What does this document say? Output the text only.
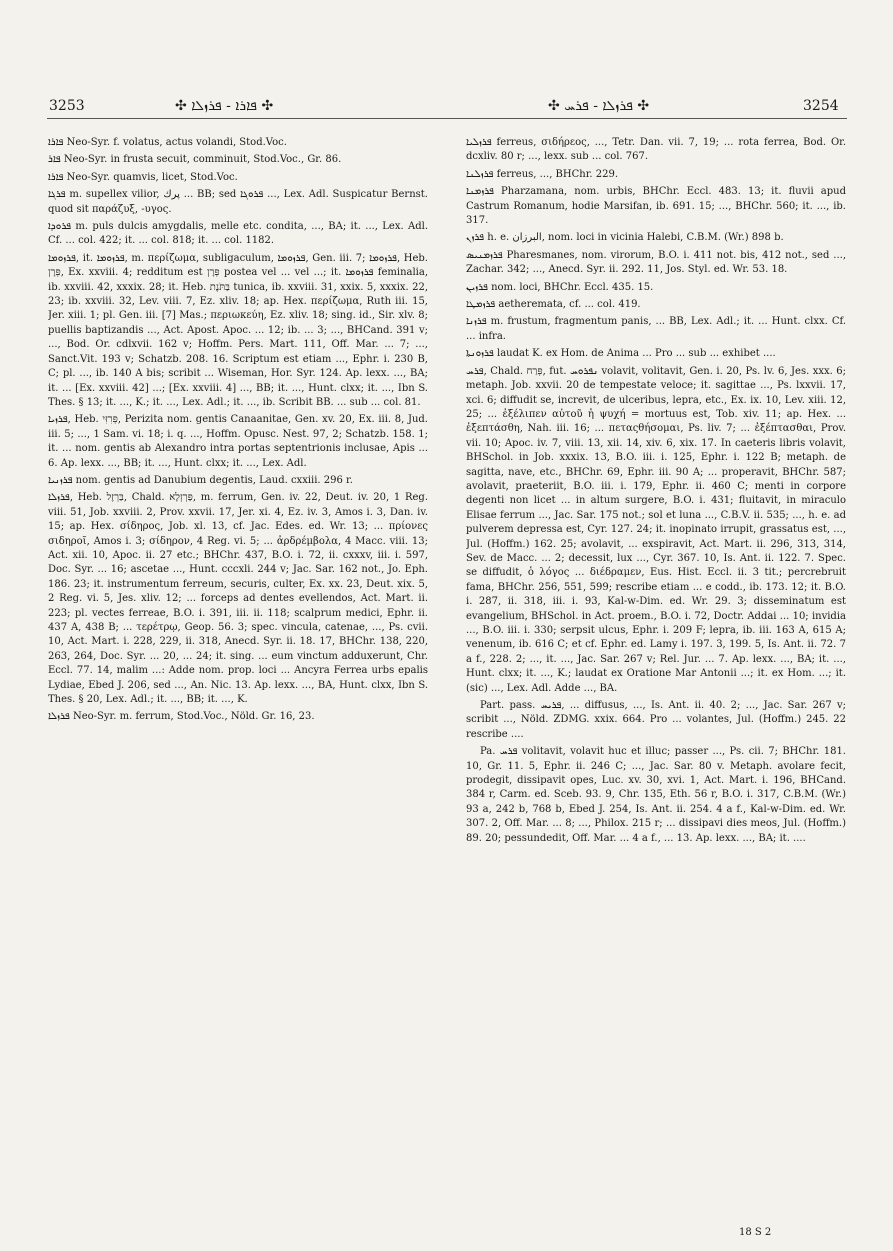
3253	✣ ܦܐܪܐ - ܦܪܙܠܐ ✣	✣ ܦܪܙܠܐ - ܦܪܚ ✣	3254

ܦܐܪܐ Neo-Syr. f. volatus, actus volandi, Stod.Voc.

ܦܐܪ Neo-Syr. in frusta secuit, comminuit, Stod.Voc., Gr. 86.

ܦܐܪܐ Neo-Syr. quamvis, licet, Stod.Voc.

ܦܪܓܐ m. supellex vilior, پرك ... BB; sed ܦܪܘܓܐ ..., Lex. Adl. Suspicatur Bernst. quod sit παράζυξ, -υγος.

ܦܪܘܕܐ m. puls dulcis amygdalis, melle etc. condita, ..., BA; it. ..., Lex. Adl. Cf. ... col. 422; it. ... col. 818; it. ... col. 1182.

ܦܪܙܘܡܐ, it. ܦܪܙܘܡܐ, m. περίζωμα, subligaculum, ܦܪܙܘܡܐ, Gen. iii. 7; ܦܪܙܘܡܐ, Heb. פְּרָן, Ex. xxviii. 4; redditum est פְּרָן postea vel ... vel ...; it. ܦܪܙܘܡܐ feminalia, ib. xxviii. 42, xxxix. 28; it. Heb. בַּתֹּנֶת tunica, ib. xxviii. 31, xxix. 5, xxxix. 22, 23; ib. xxviii. 32, Lev. viii. 7, Ez. xliv. 18; ap. Hex. περίζωμα, Ruth iii. 15, Jer. xiii. 1; pl. Gen. iii. [7] Mas.; περιωκεύη, Ez. xliv. 18; sing. id., Sir. xlv. 8; puellis baptizandis ..., Act. Apost. Apoc. ... 12; ib. ... 3; ..., BHCand. 391 v; ..., Bod. Or. cdlxvii. 162 v; Hoffm. Pers. Mart. 111, Off. Mar. ... 7; ..., Sanct.Vit. 193 v; Schatzb. 208. 16. Scriptum est etiam ..., Ephr. i. 230 B, C; pl. ..., ib. 140 A bis; scribit ... Wiseman, Hor. Syr. 124. Ap. lexx. ..., BA; it. ... [Ex. xxviii. 42] ...; [Ex. xxviii. 4] ..., BB; it. ..., Hunt. clxx; it. ..., Ibn S. Thes. § 13; it. ..., K.; it. ..., Lex. Adl.; it. ..., ib. Scribit BB. ... sub ... col. 81.

ܦܪܙܝܐ, Heb. פְּרִזִּי, Perizita nom. gentis Canaanitae, Gen. xv. 20, Ex. iii. 8, Jud. iii. 5; ..., 1 Sam. vi. 18; i. q. ..., Hoffm. Opusc. Nest. 97, 2; Schatzb. 158. 1; it. ... nom. gentis ab Alexandro intra portas septentrionis inclusae, Apis ... 6. Ap. lexx. ..., BB; it. ..., Hunt. clxx; it. ..., Lex. Adl.

ܦܪܙܢܝܐ nom. gentis ad Danubium degentis, Laud. cxxiii. 296 r.

ܦܪܙܠܐ, Heb. בַּרְזֶל, Chald. פַּרְזְלָא, m. ferrum, Gen. iv. 22, Deut. iv. 20, 1 Reg. viii. 51, Job. xxviii. 2, Prov. xxvii. 17, Jer. xi. 4, Ez. iv. 3, Amos i. 3, Dan. iv. 15; ap. Hex. σίδηρος, Job. xl. 13, cf. Jac. Edes. ed. Wr. 13; ... πρίονες σιδηροῖ, Amos i. 3; σίδηρον, 4 Reg. vi. 5; ... ἀρδρέμβολα, 4 Macc. viii. 13; Act. xii. 10, Apoc. ii. 27 etc.; BHChr. 437, B.O. i. 72, ii. cxxxv, iii. i. 597, Doc. Syr. ... 16; ascetae ..., Hunt. cccxli. 244 v; Jac. Sar. 162 not., Jo. Eph. 186. 23; it. instrumentum ferreum, securis, culter, Ex. xx. 23, Deut. xix. 5, 2 Reg. vi. 5, Jes. xliv. 12; ... forceps ad dentes evellendos, Act. Mart. ii. 223; pl. vectes ferreae, B.O. i. 391, iii. ii. 118; scalprum medici, Ephr. ii. 437 A, 438 B; ... τερέτρῳ, Geop. 56. 3; spec. vincula, catenae, ..., Ps. cvii. 10, Act. Mart. i. 228, 229, ii. 318, Anecd. Syr. ii. 18. 17, BHChr. 138, 220, 263, 264, Doc. Syr. ... 20, ... 24; it. sing. ... eum vinctum adduxerunt, Chr. Eccl. 77. 14, malim ...: Adde nom. prop. loci ... Ancyra Ferrea urbs epalis Lydiae, Ebed J. 206, sed ..., An. Nic. 13. Ap. lexx. ..., BA, Hunt. clxx, Ibn S. Thes. § 20, Lex. Adl.; it. ..., BB; it. ..., K.

ܦܪܙܠܐ Neo-Syr. m. ferrum, Stod.Voc., Nöld. Gr. 16, 23.

ܦܪܙܠܝܐ ferreus, σιδήρεος, ..., Tetr. Dan. vii. 7, 19; ... rota ferrea, Bod. Or. dcxliv. 80 r; ..., lexx. sub ... col. 767.

ܦܪܙܠܢܐ ferreus, ..., BHChr. 229.

ܦܪܙܡܢܐ Pharzamana, nom. urbis, BHChr. Eccl. 483. 13; it. fluvii apud Castrum Romanum, hodie Marsifan, ib. 691. 15; ..., BHChr. 560; it. ..., ib. 317.

ܦܪܙܢ h. e. البرزان, nom. loci in vicinia Halebi, C.B.M. (Wr.) 898 b.

ܦܪܙܡܢܝܣ Pharesmanes, nom. virorum, B.O. i. 411 not. bis, 412 not., sed ..., Zachar. 342; ..., Anecd. Syr. ii. 292. 11, Jos. Styl. ed. Wr. 53. 18.

ܦܪܙܝܢ nom. loci, BHChr. Eccl. 435. 15.

ܦܪܙܡܛܐ aetheremata, cf. ... col. 419.

ܦܪܙܢܐ m. frustum, fragmentum panis, ... BB, Lex. Adl.; it. ... Hunt. clxx. Cf. ... infra.

ܦܪܙܘܢܬܐ laudat K. ex Hom. de Anima ... Pro ... sub ... exhibet ....

ܦܪܚ, Chald. פְּרַח, fut. ܢܦܪܘܚ volavit, volitavit, Gen. i. 20, Ps. lv. 6, Jes. xxx. 6; metaph. Job. xxvii. 20 de tempestate veloce; it. sagittae ..., Ps. lxxvii. 17, xci. 6; diffudit se, increvit, de ulceribus, lepra, etc., Ex. ix. 10, Lev. xiii. 12, 25; ... ἐξέλιπεν αὐτοῦ ἡ ψυχή = mortuus est, Tob. xiv. 11; ap. Hex. ... ἐξεπτάσθη, Nah. iii. 16; ... πεταςθήσομαι, Ps. liv. 7; ... ἐξέπτασθαι, Prov. vii. 10; Apoc. iv. 7, viii. 13, xii. 14, xiv. 6, xix. 17. In caeteris libris volavit, BHSchol. in Job. xxxix. 13, B.O. iii. i. 125, Ephr. i. 122 B; metaph. de sagitta, nave, etc., BHChr. 69, Ephr. iii. 90 A; ... properavit, BHChr. 587; avolavit, praeteriit, B.O. iii. i. 179, Ephr. ii. 460 C; menti in corpore degenti non licet ... in altum surgere, B.O. i. 431; fluitavit, in miraculo Elisae ferrum ..., Jac. Sar. 175 not.; sol et luna ..., C.B.V. ii. 535; ..., h. e. ad pulverem depressa est, Cyr. 127. 24; it. inopinato irrupit, grassatus est, ..., Jul. (Hoffm.) 162. 25; avolavit, ... exspiravit, Act. Mart. ii. 296, 313, 314, Sev. de Macc. ... 2; decessit, lux ..., Cyr. 367. 10, Is. Ant. ii. 122. 7. Spec. se diffudit, ὁ λόγος ... διέδραμεν, Eus. Hist. Eccl. ii. 3 tit.; percrebruit fama, BHChr. 256, 551, 599; rescribe etiam ... e codd., ib. 173. 12; it. B.O. i. 287, ii. 318, iii. i. 93, Kal-w-Dim. ed. Wr. 29. 3; disseminatum est evangelium, BHSchol. in Act. proem., B.O. i. 72, Doctr. Addai ... 10; invidia ..., B.O. iii. i. 330; serpsit ulcus, Ephr. i. 209 F; lepra, ib. iii. 163 A, 615 A; venenum, ib. 616 C; et cf. Ephr. ed. Lamy i. 197. 3, 199. 5, Is. Ant. ii. 72. 7 a f., 228. 2; ..., it. ..., Jac. Sar. 267 v; Rel. Jur. ... 7. Ap. lexx. ..., BA; it. ..., Hunt. clxx; it. ..., K.; laudat ex Oratione Mar Antonii ...; it. ex Hom. ...; it. (sic) ..., Lex. Adl. Adde ..., BA.

Part. pass. ܦܪܝܚ, ... diffusus, ..., Is. Ant. ii. 40. 2; ..., Jac. Sar. 267 v; scribit ..., Nöld. ZDMG. xxix. 664. Pro ... volantes, Jul. (Hoffm.) 245. 22 rescribe ....

Pa. ܦܪܚ volitavit, volavit huc et illuc; passer ..., Ps. cii. 7; BHChr. 181. 10, Gr. 11. 5, Ephr. ii. 246 C; ..., Jac. Sar. 80 v. Metaph. avolare fecit, prodegit, dissipavit opes, Luc. xv. 30, xvi. 1, Act. Mart. i. 196, BHCand. 384 r, Carm. ed. Sceb. 93. 9, Chr. 135, Eth. 56 r, B.O. i. 317, C.B.M. (Wr.) 93 a, 242 b, 768 b, Ebed J. 254, Is. Ant. ii. 254. 4 a f., Kal-w-Dim. ed. Wr. 307. 2, Off. Mar. ... 8; ..., Philox. 215 r; ... dissipavi dies meos, Jul. (Hoffm.) 89. 20; pessundedit, Off. Mar. ... 4 a f., ... 13. Ap. lexx. ..., BA; it. ....

18 S 2
